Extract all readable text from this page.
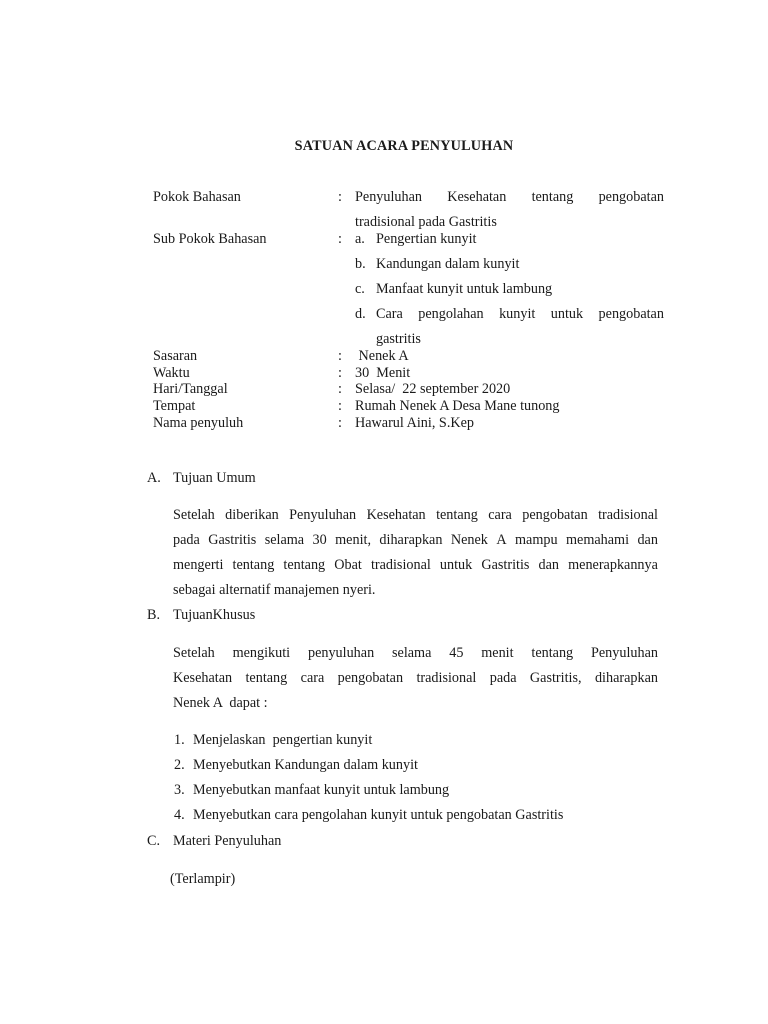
SATUAN ACARA PENYULUHAN
Pokok Bahasan	: Penyuluhan Kesehatan tentang pengobatan
tradisional pada Gastritis
Sub Pokok Bahasan	: a. Pengertian kunyit
b. Kandungan dalam kunyit
c. Manfaat kunyit untuk lambung
d. Cara pengolahan kunyit untuk pengobatan
gastritis
Sasaran	: Nenek A
Waktu	: 30  Menit
Hari/Tanggal	: Selasa/  22 september 2020
Tempat	: Rumah Nenek A Desa Mane tunong
Nama penyuluh	: Hawarul Aini, S.Kep
A. Tujuan Umum
Setelah diberikan Penyuluhan Kesehatan tentang cara pengobatan tradisional
pada Gastritis selama 30 menit, diharapkan Nenek A mampu memahami dan
mengerti tentang tentang Obat tradisional untuk Gastritis dan menerapkannya
sebagai alternatif manajemen nyeri.
B. TujuanKhusus
Setelah mengikuti penyuluhan selama 45 menit tentang Penyuluhan
Kesehatan tentang cara pengobatan tradisional pada Gastritis, diharapkan
Nenek A  dapat :
1. Menjelaskan  pengertian kunyit
2. Menyebutkan Kandungan dalam kunyit
3. Menyebutkan manfaat kunyit untuk lambung
4. Menyebutkan cara pengolahan kunyit untuk pengobatan Gastritis
C. Materi Penyuluhan
(Terlampir)
